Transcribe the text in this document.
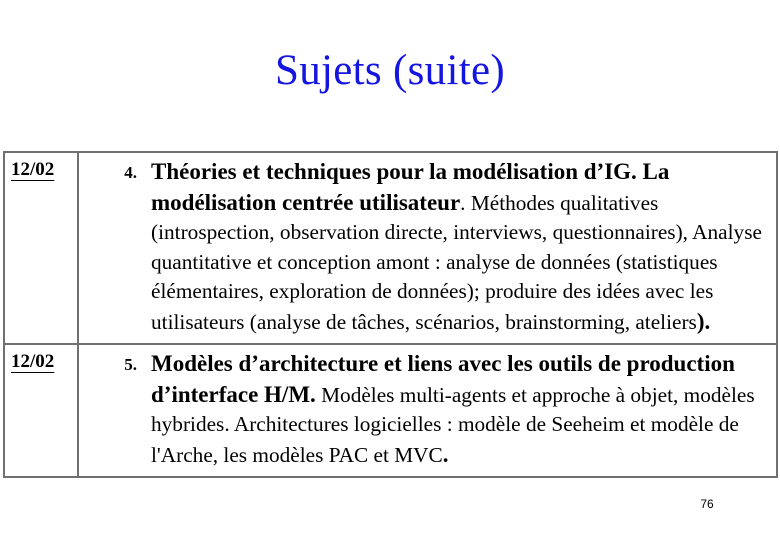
Sujets (suite)
12/02	4. Théories et techniques pour la modélisation d’IG. La modélisation centrée utilisateur. Méthodes qualitatives (introspection, observation directe, interviews, questionnaires), Analyse quantitative et conception amont : analyse de données (statistiques élémentaires, exploration de données); produire des idées avec les utilisateurs (analyse de tâches, scénarios, brainstorming, ateliers).

12/02	5. Modèles d’architecture et liens avec les outils de production d’interface H/M. Modèles multi-agents et approche à objet, modèles hybrides. Architectures logicielles : modèle de Seeheim et modèle de l'Arche, les modèles PAC et MVC.
76
